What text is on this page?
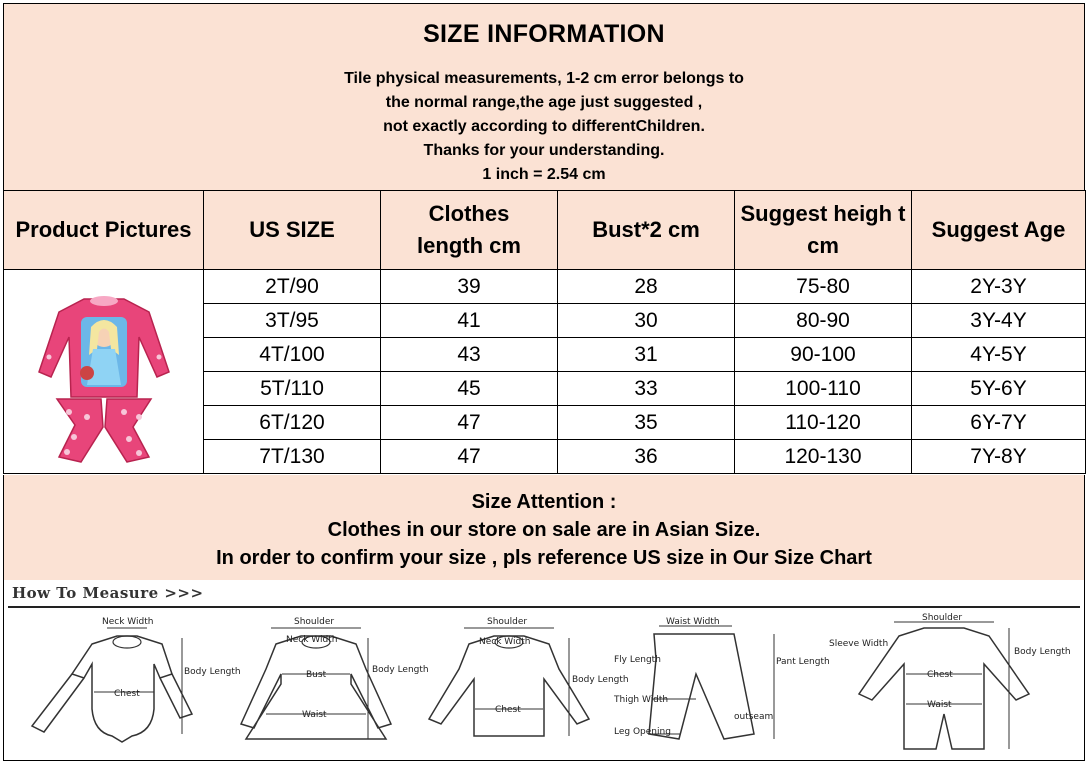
SIZE INFORMATION
Tile physical measurements, 1-2 cm error belongs to
the normal range,the age just suggested ,
not exactly according to differentChildren.
Thanks for your understanding.
1 inch = 2.54 cm
Product Pictures	US SIZE	Clothes length cm	Bust*2 cm	Suggest heigh t cm	Suggest Age

	2T/90	39	28	75-80	2Y-3Y
	3T/95	41	30	80-90	3Y-4Y
	4T/100	43	31	90-100	4Y-5Y
	5T/110	45	33	100-110	5Y-6Y
	6T/120	47	35	110-120	6Y-7Y
	7T/130	47	36	120-130	7Y-8Y
Size Attention :
Clothes in our store on sale are in Asian Size.
In order to confirm your size , pls reference US size in Our Size Chart
How To Measure >>>
Neck Width
Chest
Body Length
Shoulder
Neck Width
Bust
Waist
Body Length
Shoulder
Neck Width
Chest
Body Length
Waist Width
Fly Length
Thigh Width
Leg Opening
Pant Length
outseam
Shoulder
Sleeve Width
Chest
Waist
Body Length
